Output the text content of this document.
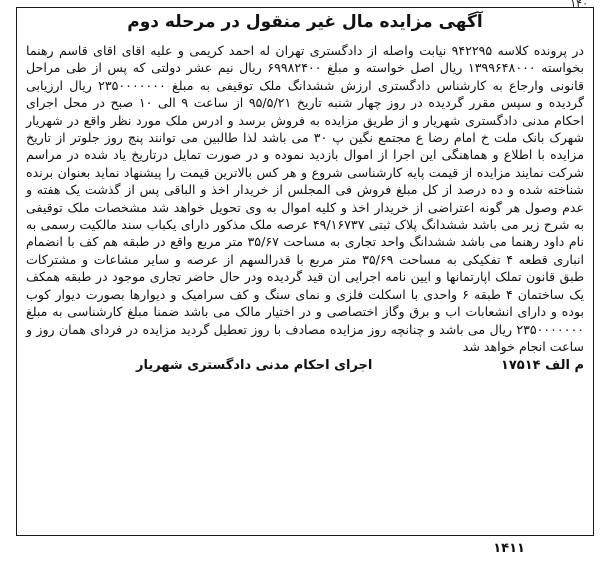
۱۴۰
آگهی مزایده مال غیر منقول در مرحله دوم
در پرونده کلاسه ۹۴۲۲۹۵ نیابت واصله از دادگستری تهران له احمد کریمی و علیه اقای اقای قاسم رهنما بخواسته ۱۳۹۹۶۴۸۰۰۰ ریال اصل خواسته و مبلغ ۶۹۹۸۲۴۰۰ ریال نیم عشر دولتی که پس از طی مراحل قانونی وارجاع به کارشناس دادگستری ارزش ششدانگ ملک توقیفی به مبلغ ۲۳۵۰۰۰۰۰۰۰ ریال ارزیابی گردیده و سپس مقرر گردیده در روز چهار شنبه تاریخ ۹۵/۵/۲۱ از ساعت ۹ الی ۱۰ صبح در محل اجرای احکام مدنی دادگستری شهریار و از طریق مزایده به فروش برسد و ادرس ملک مورد نظر واقع در شهریار شهرک بانک ملت خ امام رضا ع مجتمع نگین پ ۳۰ می باشد لذا طالبین می توانند پنج روز جلوتر از تاریخ مزایده با اطلاع و هماهنگی این اجرا از اموال بازدید نموده و در صورت تمایل درتاریخ یاد شده در مراسم شرکت نمایند مزایده از قیمت پایه کارشناسی شروع و هر کس بالاترین قیمت را پیشنهاد نماید بعنوان برنده شناخته شده و ده درصد از کل مبلغ فروش فی المجلس از خریدار اخذ و الباقی پس از گذشت یک هفته و عدم وصول هر گونه اعتراضی از خریدار اخذ و کلیه اموال به وی تحویل خواهد شد مشخصات ملک توقیفی به شرح زیر می باشد ششدانگ پلاک ثبتی ۴۹/۱۶۷۳۷ عرصه ملک مذکور دارای یکباب سند مالکیت رسمی به نام داود رهنما می باشد ششدانگ واحد تجاری به مساحت ۳۵/۶۷ متر مربع واقع در طبقه هم کف با انضمام انباری قطعه ۴ تفکیکی به مساحت ۳۵/۶۹ متر مربع با قدرالسهم از عرصه و سایر مشاعات و مشترکات طبق قانون تملک اپارتمانها و ایین نامه اجرایی ان قید گردیده ودر حال حاضر تجاری موجود در طبقه همکف یک ساختمان ۴ طبقه ۶ واحدی با اسکلت فلزی و نمای سنگ و کف سرامیک و دیوارها بصورت دیوار کوب بوده و دارای انشعابات اب و برق وگاز اختصاصی و در اختیار مالک می باشد ضمنا مبلغ کارشناسی به مبلغ ۲۳۵۰۰۰۰۰۰۰ ریال می باشد و چنانچه روز مزایده مصادف با روز تعطیل گردید مزایده در فردای همان روز و ساعت انجام خواهد شد
م الف ۱۷۵۱۴
اجرای احکام مدنی دادگستری شهریار
۱۴۱۱
